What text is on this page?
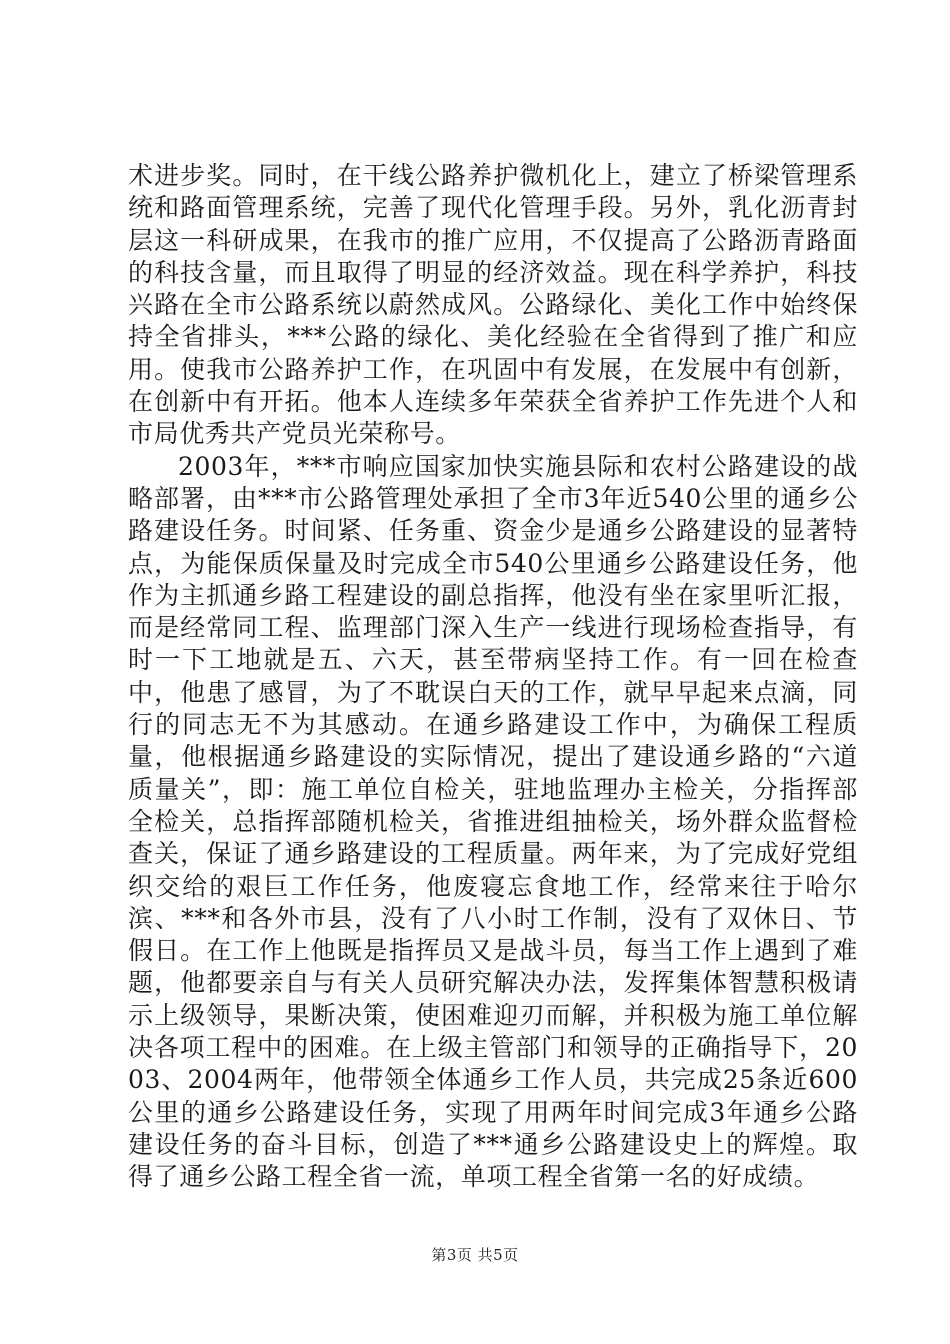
术进步奖。同时，在干线公路养护微机化上，建立了桥梁管理系统和路面管理系统，完善了现代化管理手段。另外，乳化沥青封层这一科研成果，在我市的推广应用，不仅提高了公路沥青路面的科技含量，而且取得了明显的经济效益。现在科学养护，科技兴路在全市公路系统以蔚然成风。公路绿化、美化工作中始终保持全省排头，***公路的绿化、美化经验在全省得到了推广和应用。使我市公路养护工作，在巩固中有发展，在发展中有创新，在创新中有开拓。他本人连续多年荣获全省养护工作先进个人和市局优秀共产党员光荣称号。

2003年，***市响应国家加快实施县际和农村公路建设的战略部署，由***市公路管理处承担了全市3年近540公里的通乡公路建设任务。时间紧、任务重、资金少是通乡公路建设的显著特点，为能保质保量及时完成全市540公里通乡公路建设任务，他作为主抓通乡路工程建设的副总指挥，他没有坐在家里听汇报，而是经常同工程、监理部门深入生产一线进行现场检查指导，有时一下工地就是五、六天，甚至带病坚持工作。有一回在检查中，他患了感冒，为了不耽误白天的工作，就早早起来点滴，同行的同志无不为其感动。在通乡路建设工作中，为确保工程质量，他根据通乡路建设的实际情况，提出了建设通乡路的“六道质量关”，即：施工单位自检关，驻地监理办主检关，分指挥部全检关，总指挥部随机检关，省推进组抽检关，场外群众监督检查关，保证了通乡路建设的工程质量。两年来，为了完成好党组织交给的艰巨工作任务，他废寝忘食地工作，经常来往于哈尔滨、***和各外市县，没有了八小时工作制，没有了双休日、节假日。在工作上他既是指挥员又是战斗员，每当工作上遇到了难题，他都要亲自与有关人员研究解决办法，发挥集体智慧积极请示上级领导，果断决策，使困难迎刃而解，并积极为施工单位解决各项工程中的困难。在上级主管部门和领导的正确指导下，2003、2004两年，他带领全体通乡工作人员，共完成25条近600公里的通乡公路建设任务，实现了用两年时间完成3年通乡公路建设任务的奋斗目标，创造了***通乡公路建设史上的辉煌。取得了通乡公路工程全省一流，单项工程全省第一名的好成绩。

第3页 共5页
